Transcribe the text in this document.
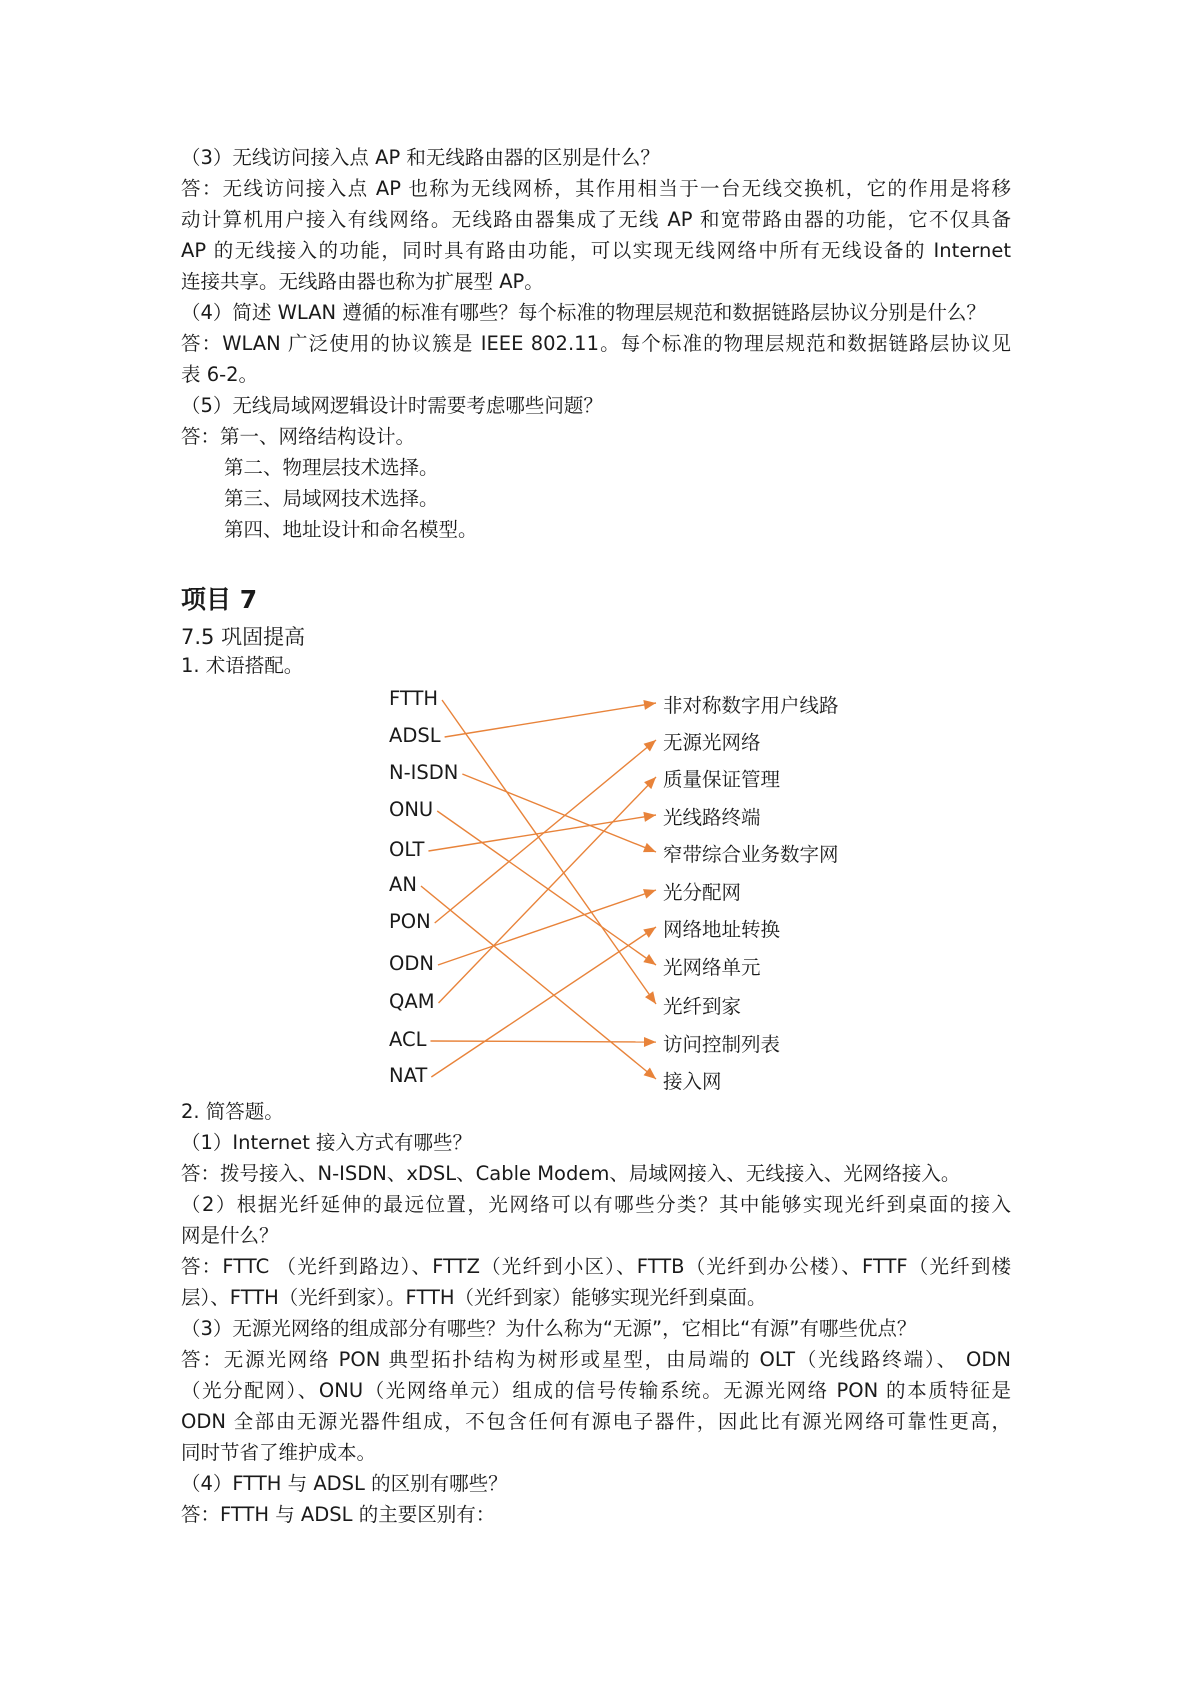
（3）无线访问接入点 AP 和无线路由器的区别是什么？
答：无线访问接入点 AP 也称为无线网桥，其作用相当于一台无线交换机，它的作用是将移
动计算机用户接入有线网络。无线路由器集成了无线 AP 和宽带路由器的功能，它不仅具备
AP 的无线接入的功能，同时具有路由功能，可以实现无线网络中所有无线设备的 Internet
连接共享。无线路由器也称为扩展型 AP。
（4）简述 WLAN 遵循的标准有哪些？每个标准的物理层规范和数据链路层协议分别是什么？
答：WLAN 广泛使用的协议簇是 IEEE 802.11。每个标准的物理层规范和数据链路层协议见
表 6-2。
（5）无线局域网逻辑设计时需要考虑哪些问题？
答：第一、网络结构设计。
第二、物理层技术选择。
第三、局域网技术选择。
第四、地址设计和命名模型。
项目 7
7.5 巩固提高
1. 术语搭配。
FTTH
ADSL
N-ISDN
ONU
OLT
AN
PON
ODN
QAM
ACL
NAT
非对称数字用户线路
无源光网络
质量保证管理
光线路终端
窄带综合业务数字网
光分配网
网络地址转换
光网络单元
光纤到家
访问控制列表
接入网
2. 简答题。
（1）Internet 接入方式有哪些？
答：拨号接入、N-ISDN、xDSL、Cable Modem、局域网接入、无线接入、光网络接入。
（2）根据光纤延伸的最远位置，光网络可以有哪些分类？其中能够实现光纤到桌面的接入
网是什么？
答：FTTC （光纤到路边）、FTTZ（光纤到小区）、FTTB（光纤到办公楼）、FTTF（光纤到楼
层）、FTTH（光纤到家）。FTTH（光纤到家）能够实现光纤到桌面。
（3）无源光网络的组成部分有哪些？为什么称为“无源”，它相比“有源”有哪些优点？
答：无源光网络 PON 典型拓扑结构为树形或星型，由局端的 OLT（光线路终端）、 ODN
（光分配网）、ONU（光网络单元）组成的信号传输系统。无源光网络 PON 的本质特征是
ODN 全部由无源光器件组成，不包含任何有源电子器件，因此比有源光网络可靠性更高，
同时节省了维护成本。
（4）FTTH 与 ADSL 的区别有哪些？
答：FTTH 与 ADSL 的主要区别有：
